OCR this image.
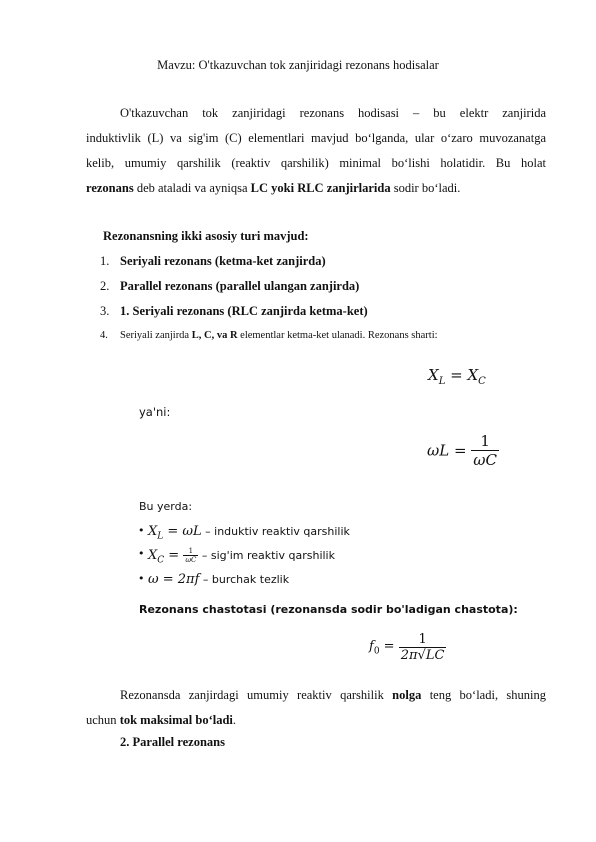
Mavzu: O'tkazuvchan tok zanjiridagi rezonans hodisalar
O'tkazuvchan tok zanjiridagi rezonans hodisasi – bu elektr zanjirida
induktivlik (L) va sig'im (C) elementlari mavjud bo‘lganda, ular o‘zaro muvozanatga
kelib, umumiy qarshilik (reaktiv qarshilik) minimal bo‘lishi holatidir. Bu holat
rezonans deb ataladi va ayniqsa LC yoki RLC zanjirlarida sodir bo‘ladi.
Rezonansning ikki asosiy turi mavjud:
1. Seriyali rezonans (ketma-ket zanjirda)
2. Parallel rezonans (parallel ulangan zanjirda)
3. 1. Seriyali rezonans (RLC zanjirda ketma-ket)
4. Seriyali zanjirda L, C, va R elementlar ketma-ket ulanadi. Rezonans sharti:
$X_L = X_C$
ya'ni:
$\omega L = \frac{1}{\omega C}$
Bu yerda:
• $X_L = \omega L$ – induktiv reaktiv qarshilik
• $X_C = \frac{1}{\omega C} - sig'im$ reaktiv qarshilik
• ω = 2πf – burchak tezlik
Rezonans chastotasi (rezonansda sodir bo'ladigan chastota):
$f_0 = \frac{1}{2\pi√LC}$
Rezonansda zanjirdagi umumiy reaktiv qarshilik nolga teng bo‘ladi, shuning
uchun tok maksimal bo‘ladi.
2. Parallel rezonans
